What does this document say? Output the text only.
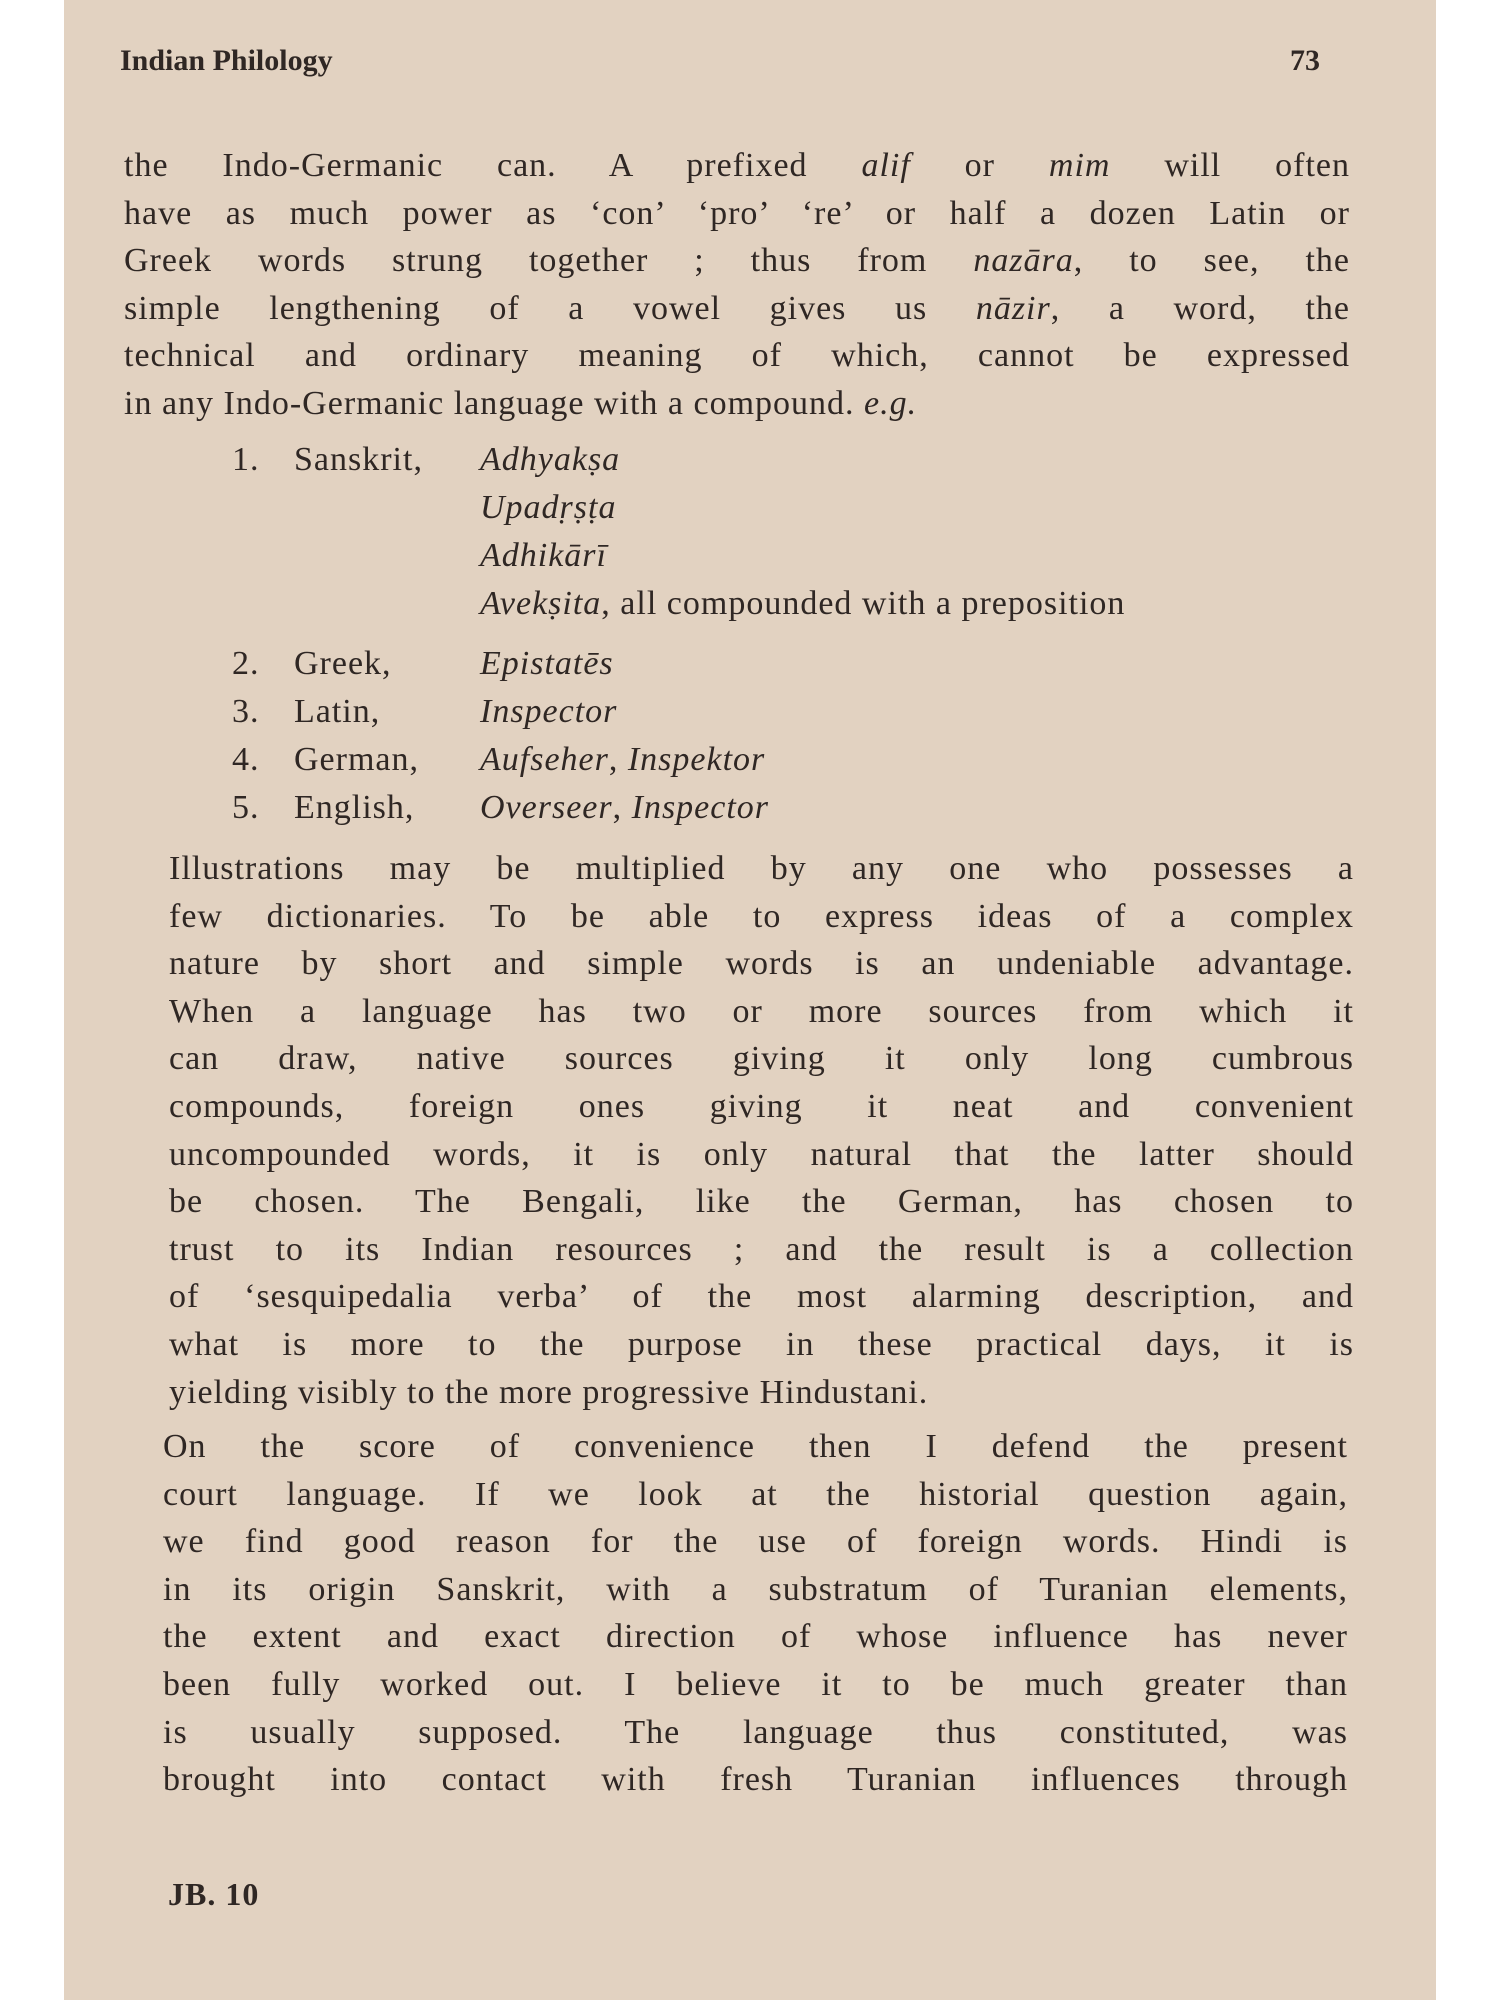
Indian Philology	73
the Indo-Germanic can. A prefixed alif or mim will often
have as much power as ‘con’ ‘pro’ ‘re’ or half a dozen Latin or
Greek words strung together ; thus from nazāra, to see, the
simple lengthening of a vowel gives us nāzir, a word, the
technical and ordinary meaning of which, cannot be expressed
in any Indo-Germanic language with a compound. e.g.
1.	Sanskrit,	Adhyakṣa
Upadṛṣṭa
Adhikārī
Avekṣita, all compounded with a preposition
2.	Greek,	Epistatēs
3.	Latin,	Inspector
4.	German,	Aufseher, Inspektor
5.	English,	Overseer, Inspector
Illustrations may be multiplied by any one who possesses a
few dictionaries. To be able to express ideas of a complex
nature by short and simple words is an undeniable advantage.
When a language has two or more sources from which it
can draw, native sources giving it only long cumbrous
compounds, foreign ones giving it neat and convenient
uncompounded words, it is only natural that the latter should
be chosen. The Bengali, like the German, has chosen to
trust to its Indian resources ; and the result is a collection
of ‘sesquipedalia verba’ of the most alarming description, and
what is more to the purpose in these practical days, it is
yielding visibly to the more progressive Hindustani.
On the score of convenience then I defend the present
court language. If we look at the historial question again,
we find good reason for the use of foreign words. Hindi is
in its origin Sanskrit, with a substratum of Turanian elements,
the extent and exact direction of whose influence has never
been fully worked out. I believe it to be much greater than
is usually supposed. The language thus constituted, was
brought into contact with fresh Turanian influences through
JB. 10
